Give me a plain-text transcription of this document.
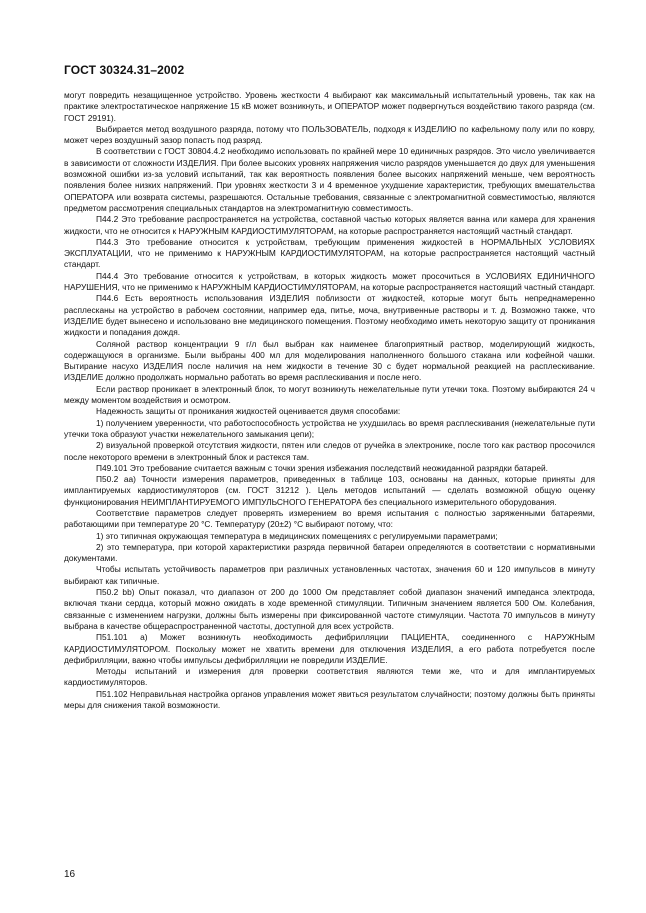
ГОСТ 30324.31–2002

могут повредить незащищенное устройство. Уровень жесткости 4 выбирают как максимальный испытательный уровень, так как на практике электростатическое напряжение 15 кВ может возникнуть, и ОПЕРАТОР может подвергнуться воздействию такого разряда (см. ГОСТ 29191).

Выбирается метод воздушного разряда, потому что ПОЛЬЗОВАТЕЛЬ, подходя к ИЗДЕЛИЮ по кафельному полу или по ковру, может через воздушный зазор попасть под разряд.

В соответствии с ГОСТ 30804.4.2 необходимо использовать по крайней мере 10 единичных разрядов. Это число увеличивается в зависимости от сложности ИЗДЕЛИЯ. При более высоких уровнях напряжения число разрядов уменьшается до двух для уменьшения возможной ошибки из-за условий испытаний, так как вероятность появления более высоких напряжений меньше, чем вероятность появления более низких напряжений. При уровнях жесткости 3 и 4 временное ухудшение характеристик, требующих вмешательства ОПЕРАТОРА или возврата системы, разрешаются. Остальные требования, связанные с электромагнитной совместимостью, являются предметом рассмотрения специальных стандартов на электромагнитную совместимость.

П44.2 Это требование распространяется на устройства, составной частью которых является ванна или камера для хранения жидкости, что не относится к НАРУЖНЫМ КАРДИОСТИМУЛЯТОРАМ, на которые распространяется настоящий частный стандарт.

П44.3 Это требование относится к устройствам, требующим применения жидкостей в НОРМАЛЬНЫХ УСЛОВИЯХ ЭКСПЛУАТАЦИИ, что не применимо к НАРУЖНЫМ КАРДИОСТИМУЛЯТОРАМ, на которые распространяется настоящий частный стандарт.

П44.4 Это требование относится к устройствам, в которых жидкость может просочиться в УСЛОВИЯХ ЕДИНИЧНОГО НАРУШЕНИЯ, что не применимо к НАРУЖНЫМ КАРДИОСТИМУЛЯТОРАМ, на которые распространяется настоящий частный стандарт.

П44.6 Есть вероятность использования ИЗДЕЛИЯ поблизости от жидкостей, которые могут быть непреднамеренно расплесканы на устройство в рабочем состоянии, например еда, питье, моча, внутривенные растворы и т. д. Возможно также, что ИЗДЕЛИЕ будет вынесено и использовано вне медицинского помещения. Поэтому необходимо иметь некоторую защиту от проникания жидкости и попадания дождя.

Соляной раствор концентрации 9 г/л был выбран как наименее благоприятный раствор, моделирующий жидкость, содержащуюся в организме. Были выбраны 400 мл для моделирования наполненного большого стакана или кофейной чашки. Вытирание насухо ИЗДЕЛИЯ после наличия на нем жидкости в течение 30 с будет нормальной реакцией на расплескивание. ИЗДЕЛИЕ должно продолжать нормально работать во время расплескивания и после него.

Если раствор проникает в электронный блок, то могут возникнуть нежелательные пути утечки тока. Поэтому выбираются 24 ч между моментом воздействия и осмотром.

Надежность защиты от проникания жидкостей оценивается двумя способами:

1) получением уверенности, что работоспособность устройства не ухудшилась во время расплескивания (нежелательные пути утечки тока образуют участки нежелательного замыкания цепи);

2) визуальной проверкой отсутствия жидкости, пятен или следов от ручейка в электронике, после того как раствор просочился после некоторого времени в электронный блок и растекся там.

П49.101 Это требование считается важным с точки зрения избежания последствий неожиданной разрядки батарей.

П50.2 аа) Точности измерения параметров, приведенных в таблице 103, основаны на данных, которые приняты для имплантируемых кардиостимуляторов (см. ГОСТ 31212 ). Цель методов испытаний — сделать возможной общую оценку функционирования НЕИМПЛАНТИРУЕМОГО ИМПУЛЬСНОГО ГЕНЕРАТОРА без специального измерительного оборудования.

Соответствие параметров следует проверять измерением во время испытания с полностью заряженными батареями, работающими при температуре 20 °С. Температуру (20±2) °С выбирают потому, что:

1) это типичная окружающая температура в медицинских помещениях с регулируемыми параметрами;

2) это температура, при которой характеристики разряда первичной батареи определяются в соответствии с нормативными документами.

Чтобы испытать устойчивость параметров при различных установленных частотах, значения 60 и 120 импульсов в минуту выбирают как типичные.

П50.2 bb) Опыт показал, что диапазон от 200 до 1000 Ом представляет собой диапазон значений импеданса электрода, включая ткани сердца, который можно ожидать в ходе временной стимуляции. Типичным значением является 500 Ом. Колебания, связанные с изменением нагрузки, должны быть измерены при фиксированной частоте стимуляции. Частота 70 импульсов в минуту выбрана в качестве общераспространенной частоты, доступной для всех устройств.

П51.101 а) Может возникнуть необходимость дефибрилляции ПАЦИЕНТА, соединенного с НАРУЖНЫМ КАРДИОСТИМУЛЯТОРОМ. Поскольку может не хватить времени для отключения ИЗДЕЛИЯ, а его работа потребуется после дефибрилляции, важно чтобы импульсы дефибрилляции не повредили ИЗДЕЛИЕ.

Методы испытаний и измерения для проверки соответствия являются теми же, что и для имплантируемых кардиостимуляторов.

П51.102 Неправильная настройка органов управления может явиться результатом случайности; поэтому должны быть приняты меры для снижения такой возможности.

16
